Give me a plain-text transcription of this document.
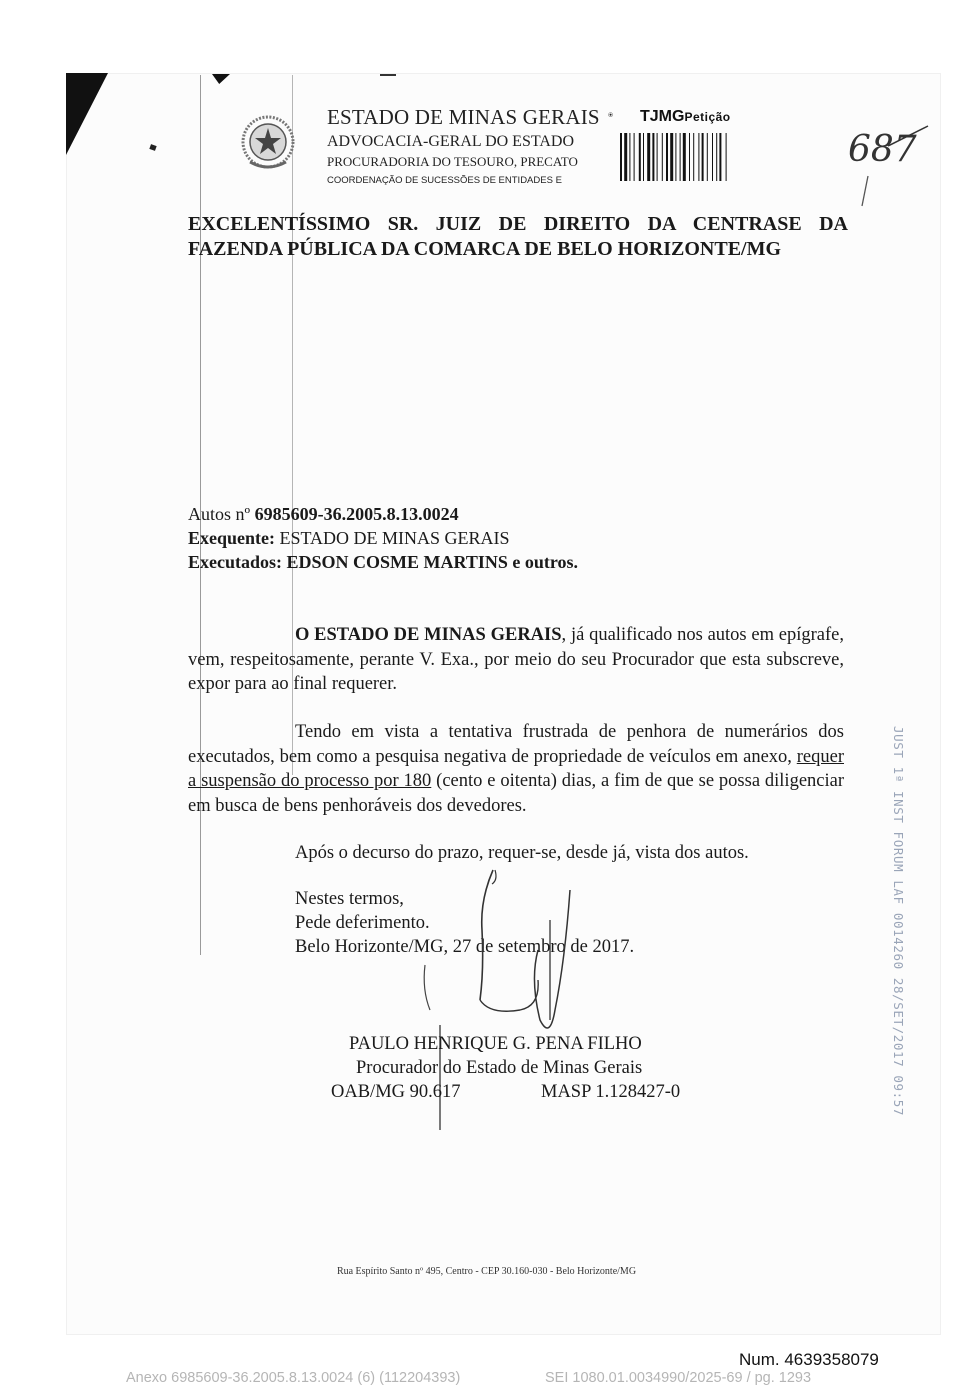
ESTADO DE MINAS GERAIS
ADVOCACIA-GERAL DO ESTADO
PROCURADORIA DO TESOURO, PRECATO
COORDENAÇÃO DE SUCESSÕES DE ENTIDADES E
TJMGPetição
687

EXCELENTÍSSIMO SR. JUIZ DE DIREITO DA CENTRASE DA

FAZENDA PÚBLICA DA COMARCA DE BELO HORIZONTE/MG

Autos nº 6985609-36.2005.8.13.0024
Exequente: ESTADO DE MINAS GERAIS
Executados: EDSON COSME MARTINS e outros.

O ESTADO DE MINAS GERAIS, já qualificado nos autos em epígrafe, vem, respeitosamente, perante V. Exa., por meio do seu Procurador que esta subscreve, expor para ao final requerer.

Tendo em vista a tentativa frustrada de penhora de numerários dos executados, bem como a pesquisa negativa de propriedade de veículos em anexo, requer a suspensão do processo por 180 (cento e oitenta) dias, a fim de que se possa diligenciar em busca de bens penhoráveis dos devedores.

Após o decurso do prazo, requer-se, desde já, vista dos autos.
Nestes termos,
Pede deferimento.
Belo Horizonte/MG, 27 de setembro de 2017.
PAULO HENRIQUE G. PENA FILHO
Procurador do Estado de Minas Gerais
OAB/MG 90.617	MASP 1.128427-0	JUST 1ª INST FORUM LAF 0014260 28/SET/2017 09:57
Rua Espírito Santo nº 495, Centro - CEP 30.160-030 - Belo Horizonte/MG
Num. 4639358079
Anexo 6985609-36.2005.8.13.0024 (6) (112204393)	SEI 1080.01.0034990/2025-69 / pg. 1293
